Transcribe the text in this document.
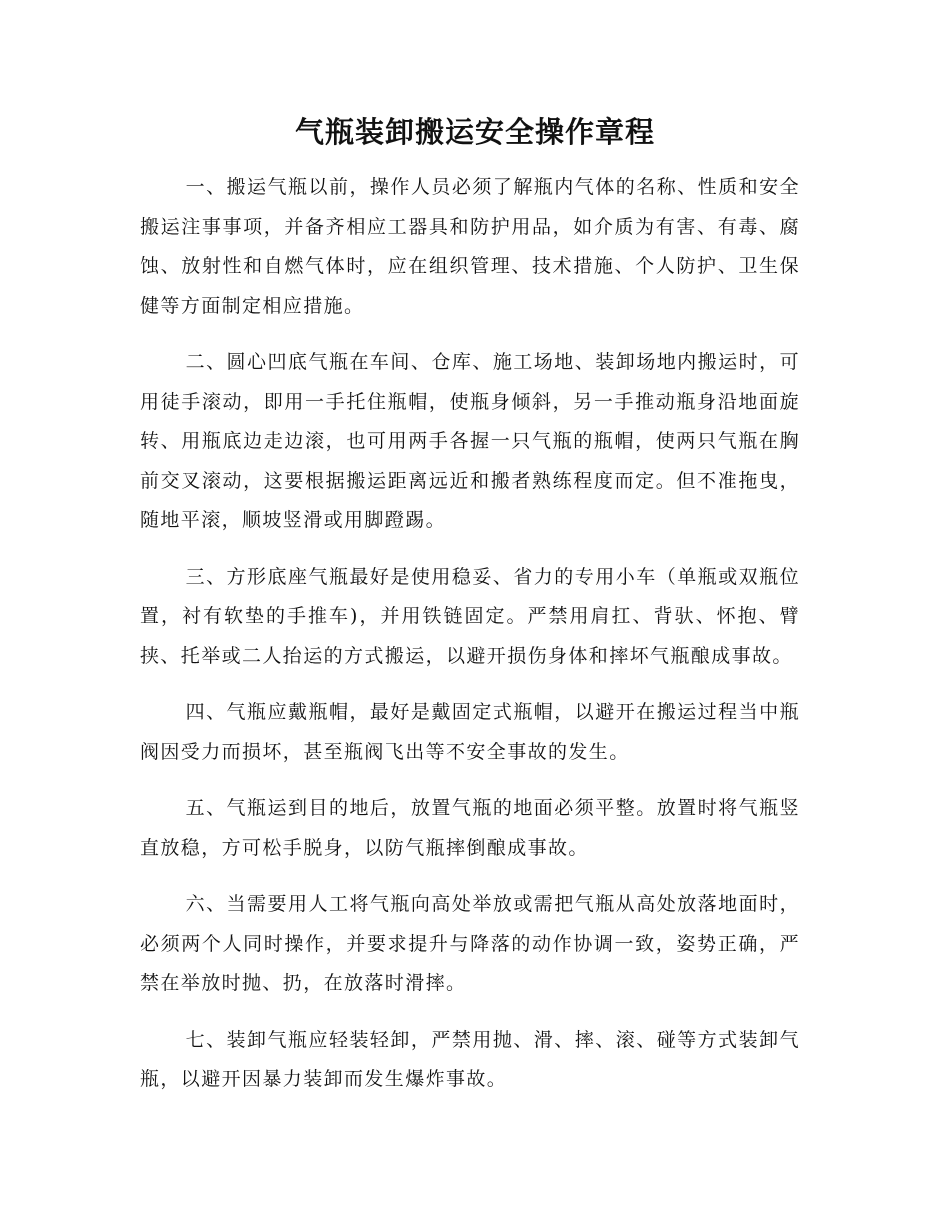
气瓶装卸搬运安全操作章程

一、搬运气瓶以前，操作人员必须了解瓶内气体的名称、性质和安全搬运注事事项，并备齐相应工器具和防护用品，如介质为有害、有毒、腐蚀、放射性和自燃气体时，应在组织管理、技术措施、个人防护、卫生保健等方面制定相应措施。

二、圆心凹底气瓶在车间、仓库、施工场地、装卸场地内搬运时，可用徒手滚动，即用一手托住瓶帽，使瓶身倾斜，另一手推动瓶身沿地面旋转、用瓶底边走边滚，也可用两手各握一只气瓶的瓶帽，使两只气瓶在胸前交叉滚动，这要根据搬运距离远近和搬者熟练程度而定。但不准拖曳，随地平滚，顺坡竖滑或用脚蹬踢。

三、方形底座气瓶最好是使用稳妥、省力的专用小车（单瓶或双瓶位置，衬有软垫的手推车)，并用铁链固定。严禁用肩扛、背驮、怀抱、臂挟、托举或二人抬运的方式搬运，以避开损伤身体和摔坏气瓶酿成事故。

四、气瓶应戴瓶帽，最好是戴固定式瓶帽，以避开在搬运过程当中瓶阀因受力而损坏，甚至瓶阀飞出等不安全事故的发生。

五、气瓶运到目的地后，放置气瓶的地面必须平整。放置时将气瓶竖直放稳，方可松手脱身，以防气瓶摔倒酿成事故。

六、当需要用人工将气瓶向高处举放或需把气瓶从高处放落地面时，必须两个人同时操作，并要求提升与降落的动作协调一致，姿势正确，严禁在举放时抛、扔，在放落时滑摔。

七、装卸气瓶应轻装轻卸，严禁用抛、滑、摔、滚、碰等方式装卸气瓶，以避开因暴力装卸而发生爆炸事故。
